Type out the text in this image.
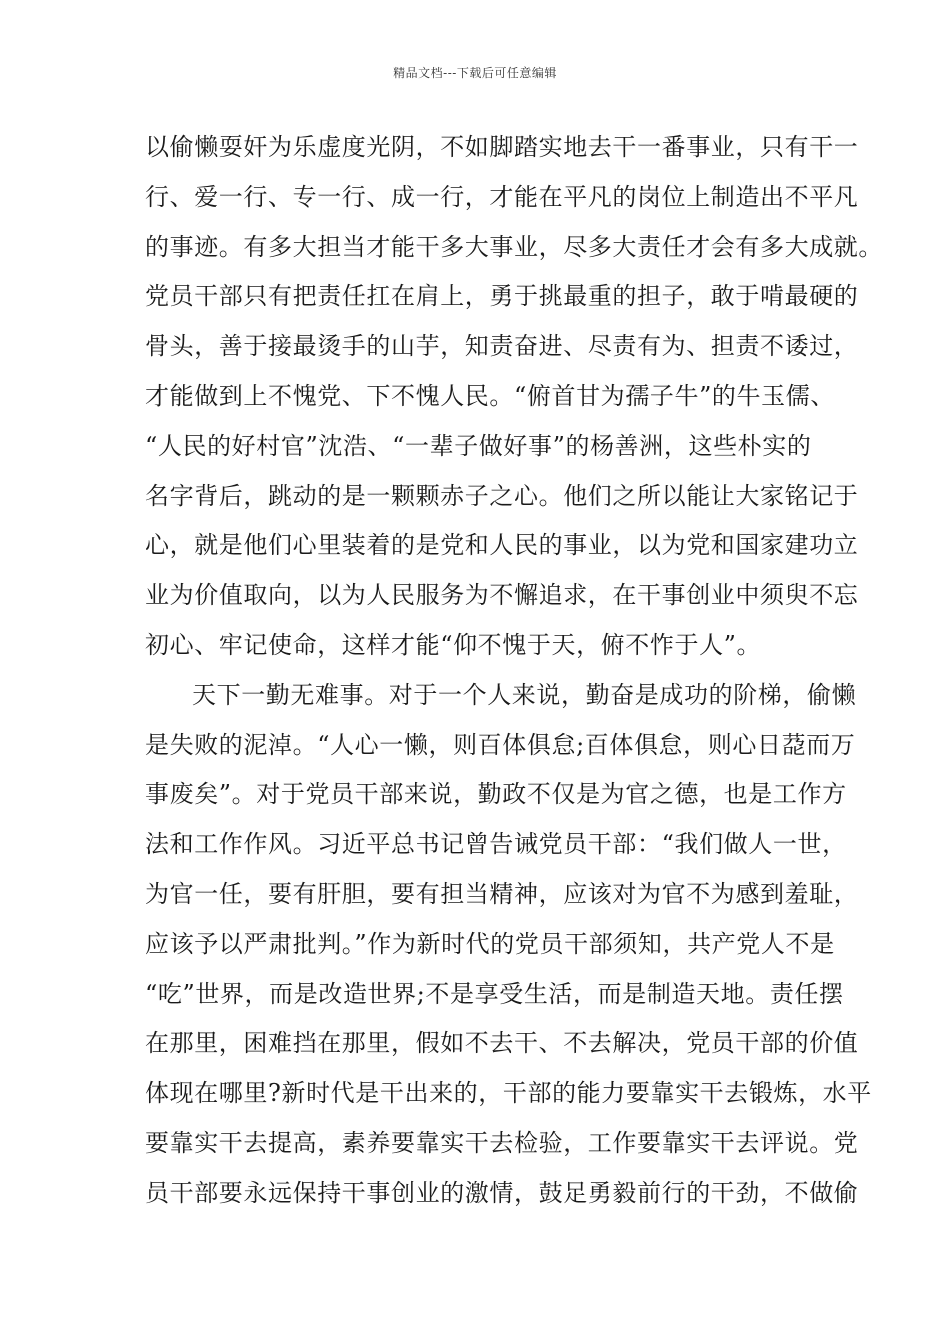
精品文档---下载后可任意编辑
以偷懒耍奸为乐虚度光阴，不如脚踏实地去干一番事业，只有干一
行、爱一行、专一行、成一行，才能在平凡的岗位上制造出不平凡
的事迹。有多大担当才能干多大事业，尽多大责任才会有多大成就。
党员干部只有把责任扛在肩上，勇于挑最重的担子，敢于啃最硬的
骨头，善于接最烫手的山芋，知责奋进、尽责有为、担责不诿过，
才能做到上不愧党、下不愧人民。“俯首甘为孺子牛”的牛玉儒、
“人民的好村官”沈浩、“一辈子做好事”的杨善洲，这些朴实的
名字背后，跳动的是一颗颗赤子之心。他们之所以能让大家铭记于
心，就是他们心里装着的是党和人民的事业，以为党和国家建功立
业为价值取向，以为人民服务为不懈追求，在干事创业中须臾不忘
初心、牢记使命，这样才能“仰不愧于天，俯不怍于人”。
天下一勤无难事。对于一个人来说，勤奋是成功的阶梯，偷懒
是失败的泥淖。“人心一懒，则百体俱怠;百体俱怠，则心日莻而万
事废矣”。对于党员干部来说，勤政不仅是为官之德，也是工作方
法和工作作风。习近平总书记曾告诫党员干部：“我们做人一世，
为官一任，要有肝胆，要有担当精神，应该对为官不为感到羞耻，
应该予以严肃批判。”作为新时代的党员干部须知，共产党人不是
“吃”世界，而是改造世界;不是享受生活，而是制造天地。责任摆
在那里，困难挡在那里，假如不去干、不去解决，党员干部的价值
体现在哪里?新时代是干出来的，干部的能力要靠实干去锻炼，水平
要靠实干去提高，素养要靠实干去检验，工作要靠实干去评说。党
员干部要永远保持干事创业的激情，鼓足勇毅前行的干劲，不做偷
